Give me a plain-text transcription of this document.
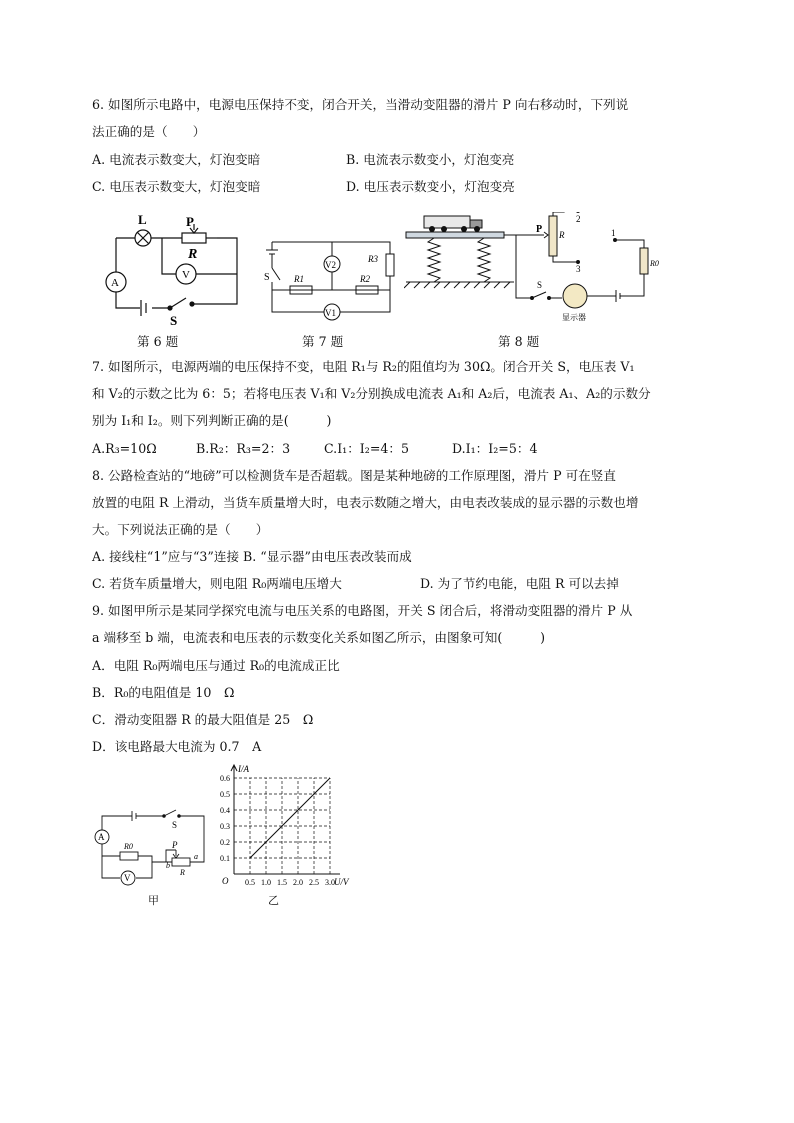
6. 如图所示电路中，电源电压保持不变，闭合开关，当滑动变阻器的滑片 P 向右移动时，下列说
法正确的是（　　）
A. 电流表示数变大，灯泡变暗	B. 电流表示数变小，灯泡变亮
C. 电压表示数变大，灯泡变暗	D. 电压表示数变小，灯泡变亮
L	P
R
A
V
S
第 6 题
S
V2
V1
R1	R2
R3
第 7 题
P R
2
3
1
S
R0
显示器
第 8 题
7. 如图所示，电源两端的电压保持不变，电阻 R₁与 R₂的阻值均为 30Ω。闭合开关 S，电压表 V₁
和 V₂的示数之比为 6：5；若将电压表 V₁和 V₂分别换成电流表 A₁和 A₂后，电流表 A₁、A₂的示数分
别为 I₁和 I₂。则下列判断正确的是(　　　)
A.R₃=10Ω	B.R₂：R₃=2：3	C.I₁：I₂=4：5	D.I₁：I₂=5：4
8. 公路检查站的“地磅”可以检测货车是否超载。图是某种地磅的工作原理图，滑片 P 可在竖直
放置的电阻 R 上滑动，当货车质量增大时，电表示数随之增大，由电表改装成的显示器的示数也增
大。下列说法正确的是（　　）
A. 接线柱“1”应与“3”连接 B. “显示器”由电压表改装而成
C. 若货车质量增大，则电阻 R₀两端电压增大	D. 为了节约电能，电阻 R 可以去掉
9. 如图甲所示是某同学探究电流与电压关系的电路图，开关 S 闭合后，将滑动变阻器的滑片 P 从
a 端移至 b 端，电流表和电压表的示数变化关系如图乙所示，由图象可知(　　　)
A．电阻 R₀两端电压与通过 R₀的电流成正比
B．R₀的电阻值是 10　Ω
C．滑动变阻器 R 的最大阻值是 25　Ω
D．该电路最大电流为 0.7　A
A
S
R0	P
b
a
R
V
甲
0.5 1.0 1.5 2.0 2.5 3.0
0.1
0.2
0.3
0.4
0.5
0.6
I/A
U/V
O
乙
